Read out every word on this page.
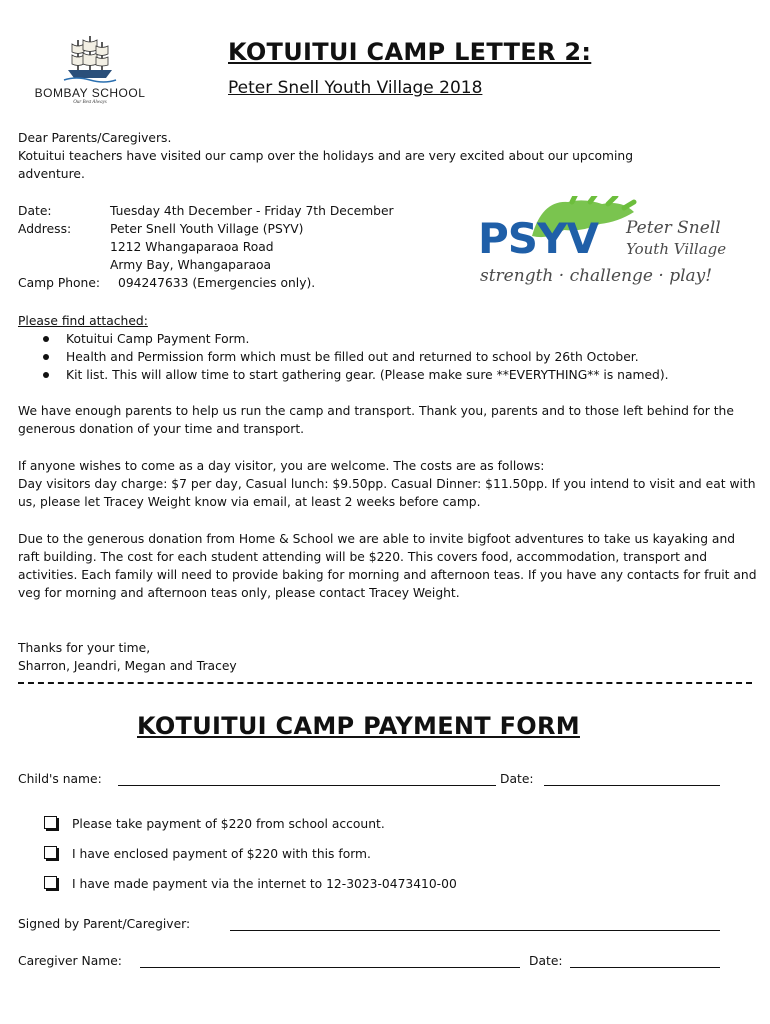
BOMBAY SCHOOL
Our Best Always
KOTUITUI CAMP LETTER 2:
Peter Snell Youth Village 2018
Dear Parents/Caregivers.
Kotuitui teachers have visited our camp over the holidays and are very excited about our upcoming
adventure.
Date:	Tuesday 4th December - Friday 7th December
Address:	Peter Snell Youth Village (PSYV)
1212 Whangaparaoa Road
Army Bay, Whangaparaoa
Camp Phone: 094247633 (Emergencies only).
PSYV Peter Snell
Youth Village
strength · challenge · play!
Please find attached:
Kotuitui Camp Payment Form.
Health and Permission form which must be filled out and returned to school by 26th October.
Kit list. This will allow time to start gathering gear. (Please make sure **EVERYTHING** is named).
We have enough parents to help us run the camp and transport. Thank you, parents and to those left behind for the generous donation of your time and transport.
If anyone wishes to come as a day visitor, you are welcome. The costs are as follows:
Day visitors day charge: $7 per day, Casual lunch: $9.50pp. Casual Dinner: $11.50pp. If you intend to visit and eat with us, please let Tracey Weight know via email, at least 2 weeks before camp.
Due to the generous donation from Home & School we are able to invite bigfoot adventures to take us kayaking and raft building. The cost for each student attending will be $220. This covers food, accommodation, transport and activities. Each family will need to provide baking for morning and afternoon teas. If you have any contacts for fruit and veg for morning and afternoon teas only, please contact Tracey Weight.
Thanks for your time,
Sharron, Jeandri, Megan and Tracey
KOTUITUI CAMP PAYMENT FORM
Child's name:	Date:
Please take payment of $220 from school account.
I have enclosed payment of $220 with this form.
I have made payment via the internet to 12-3023-0473410-00
Signed by Parent/Caregiver:
Caregiver Name:	Date:
